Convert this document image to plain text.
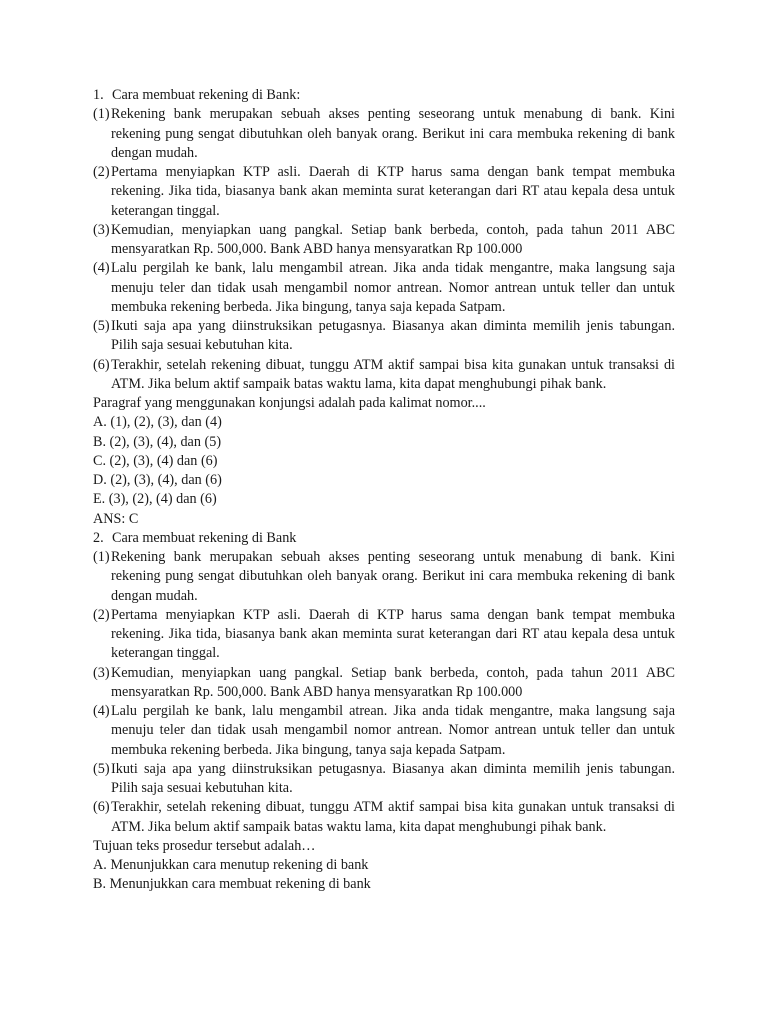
1. Cara membuat rekening di Bank:
(1) Rekening bank merupakan sebuah akses penting seseorang untuk menabung di bank. Kini rekening pung sengat dibutuhkan oleh banyak orang. Berikut ini cara membuka rekening di bank dengan mudah.
(2) Pertama menyiapkan KTP asli. Daerah di KTP harus sama dengan bank tempat membuka rekening. Jika tida, biasanya bank akan meminta surat keterangan dari RT atau kepala desa untuk keterangan tinggal.
(3) Kemudian, menyiapkan uang pangkal. Setiap bank berbeda, contoh, pada tahun 2011 ABC mensyaratkan Rp. 500,000. Bank ABD hanya mensyaratkan Rp 100.000
(4) Lalu pergilah ke bank, lalu mengambil atrean. Jika anda tidak mengantre, maka langsung saja menuju teler dan tidak usah mengambil nomor antrean. Nomor antrean untuk teller dan untuk membuka rekening berbeda. Jika bingung, tanya saja kepada Satpam.
(5) Ikuti saja apa yang diinstruksikan petugasnya. Biasanya akan diminta memilih jenis tabungan. Pilih saja sesuai kebutuhan kita.
(6) Terakhir, setelah rekening dibuat, tunggu ATM aktif sampai bisa kita gunakan untuk transaksi di ATM. Jika belum aktif sampaik batas waktu lama, kita dapat menghubungi pihak bank.
Paragraf yang menggunakan konjungsi adalah pada kalimat nomor....
A. (1), (2), (3), dan (4)
B. (2), (3), (4), dan (5)
C. (2), (3), (4) dan (6)
D. (2), (3), (4), dan (6)
E. (3), (2), (4) dan (6)
ANS: C
2. Cara membuat rekening di Bank
(1) Rekening bank merupakan sebuah akses penting seseorang untuk menabung di bank. Kini rekening pung sengat dibutuhkan oleh banyak orang. Berikut ini cara membuka rekening di bank dengan mudah.
(2) Pertama menyiapkan KTP asli. Daerah di KTP harus sama dengan bank tempat membuka rekening. Jika tida, biasanya bank akan meminta surat keterangan dari RT atau kepala desa untuk keterangan tinggal.
(3) Kemudian, menyiapkan uang pangkal. Setiap bank berbeda, contoh, pada tahun 2011 ABC mensyaratkan Rp. 500,000. Bank ABD hanya mensyaratkan Rp 100.000
(4) Lalu pergilah ke bank, lalu mengambil atrean. Jika anda tidak mengantre, maka langsung saja menuju teler dan tidak usah mengambil nomor antrean. Nomor antrean untuk teller dan untuk membuka rekening berbeda. Jika bingung, tanya saja kepada Satpam.
(5) Ikuti saja apa yang diinstruksikan petugasnya. Biasanya akan diminta memilih jenis tabungan. Pilih saja sesuai kebutuhan kita.
(6) Terakhir, setelah rekening dibuat, tunggu ATM aktif sampai bisa kita gunakan untuk transaksi di ATM. Jika belum aktif sampaik batas waktu lama, kita dapat menghubungi pihak bank.
Tujuan teks prosedur tersebut adalah…
A. Menunjukkan cara menutup rekening di bank
B. Menunjukkan cara membuat rekening di bank
